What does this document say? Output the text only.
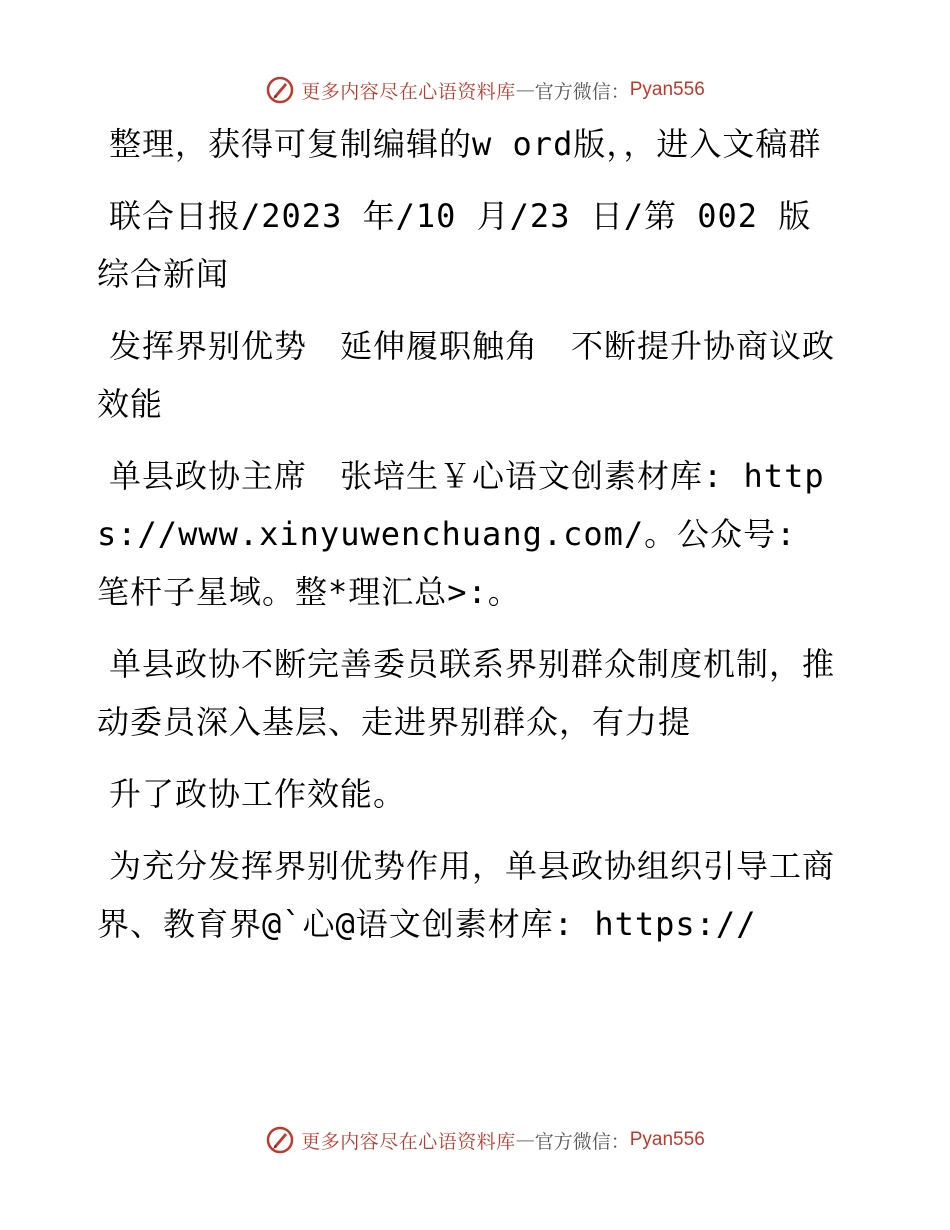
更多内容尽在心语资料库 — 官方微信： Pyan556

整理，获得可复制编辑的w ord版，，进入文稿群

联合日报/2023 年/10 月/23 日/第 002 版综合新闻

发挥界别优势　延伸履职触角　不断提升协商议政效能

单县政协主席　张培生￥心语文创素材库: https://www.xinyuwenchuang.com/。公众号: 笔杆子星域。整*理汇总>:。

单县政协不断完善委员联系界别群众制度机制，推动委员深入基层、走进界别群众，有力提

升了政协工作效能。

为充分发挥界别优势作用，单县政协组织引导工商界、教育界@`心@语文创素材库: https://

更多内容尽在心语资料库 — 官方微信： Pyan556
